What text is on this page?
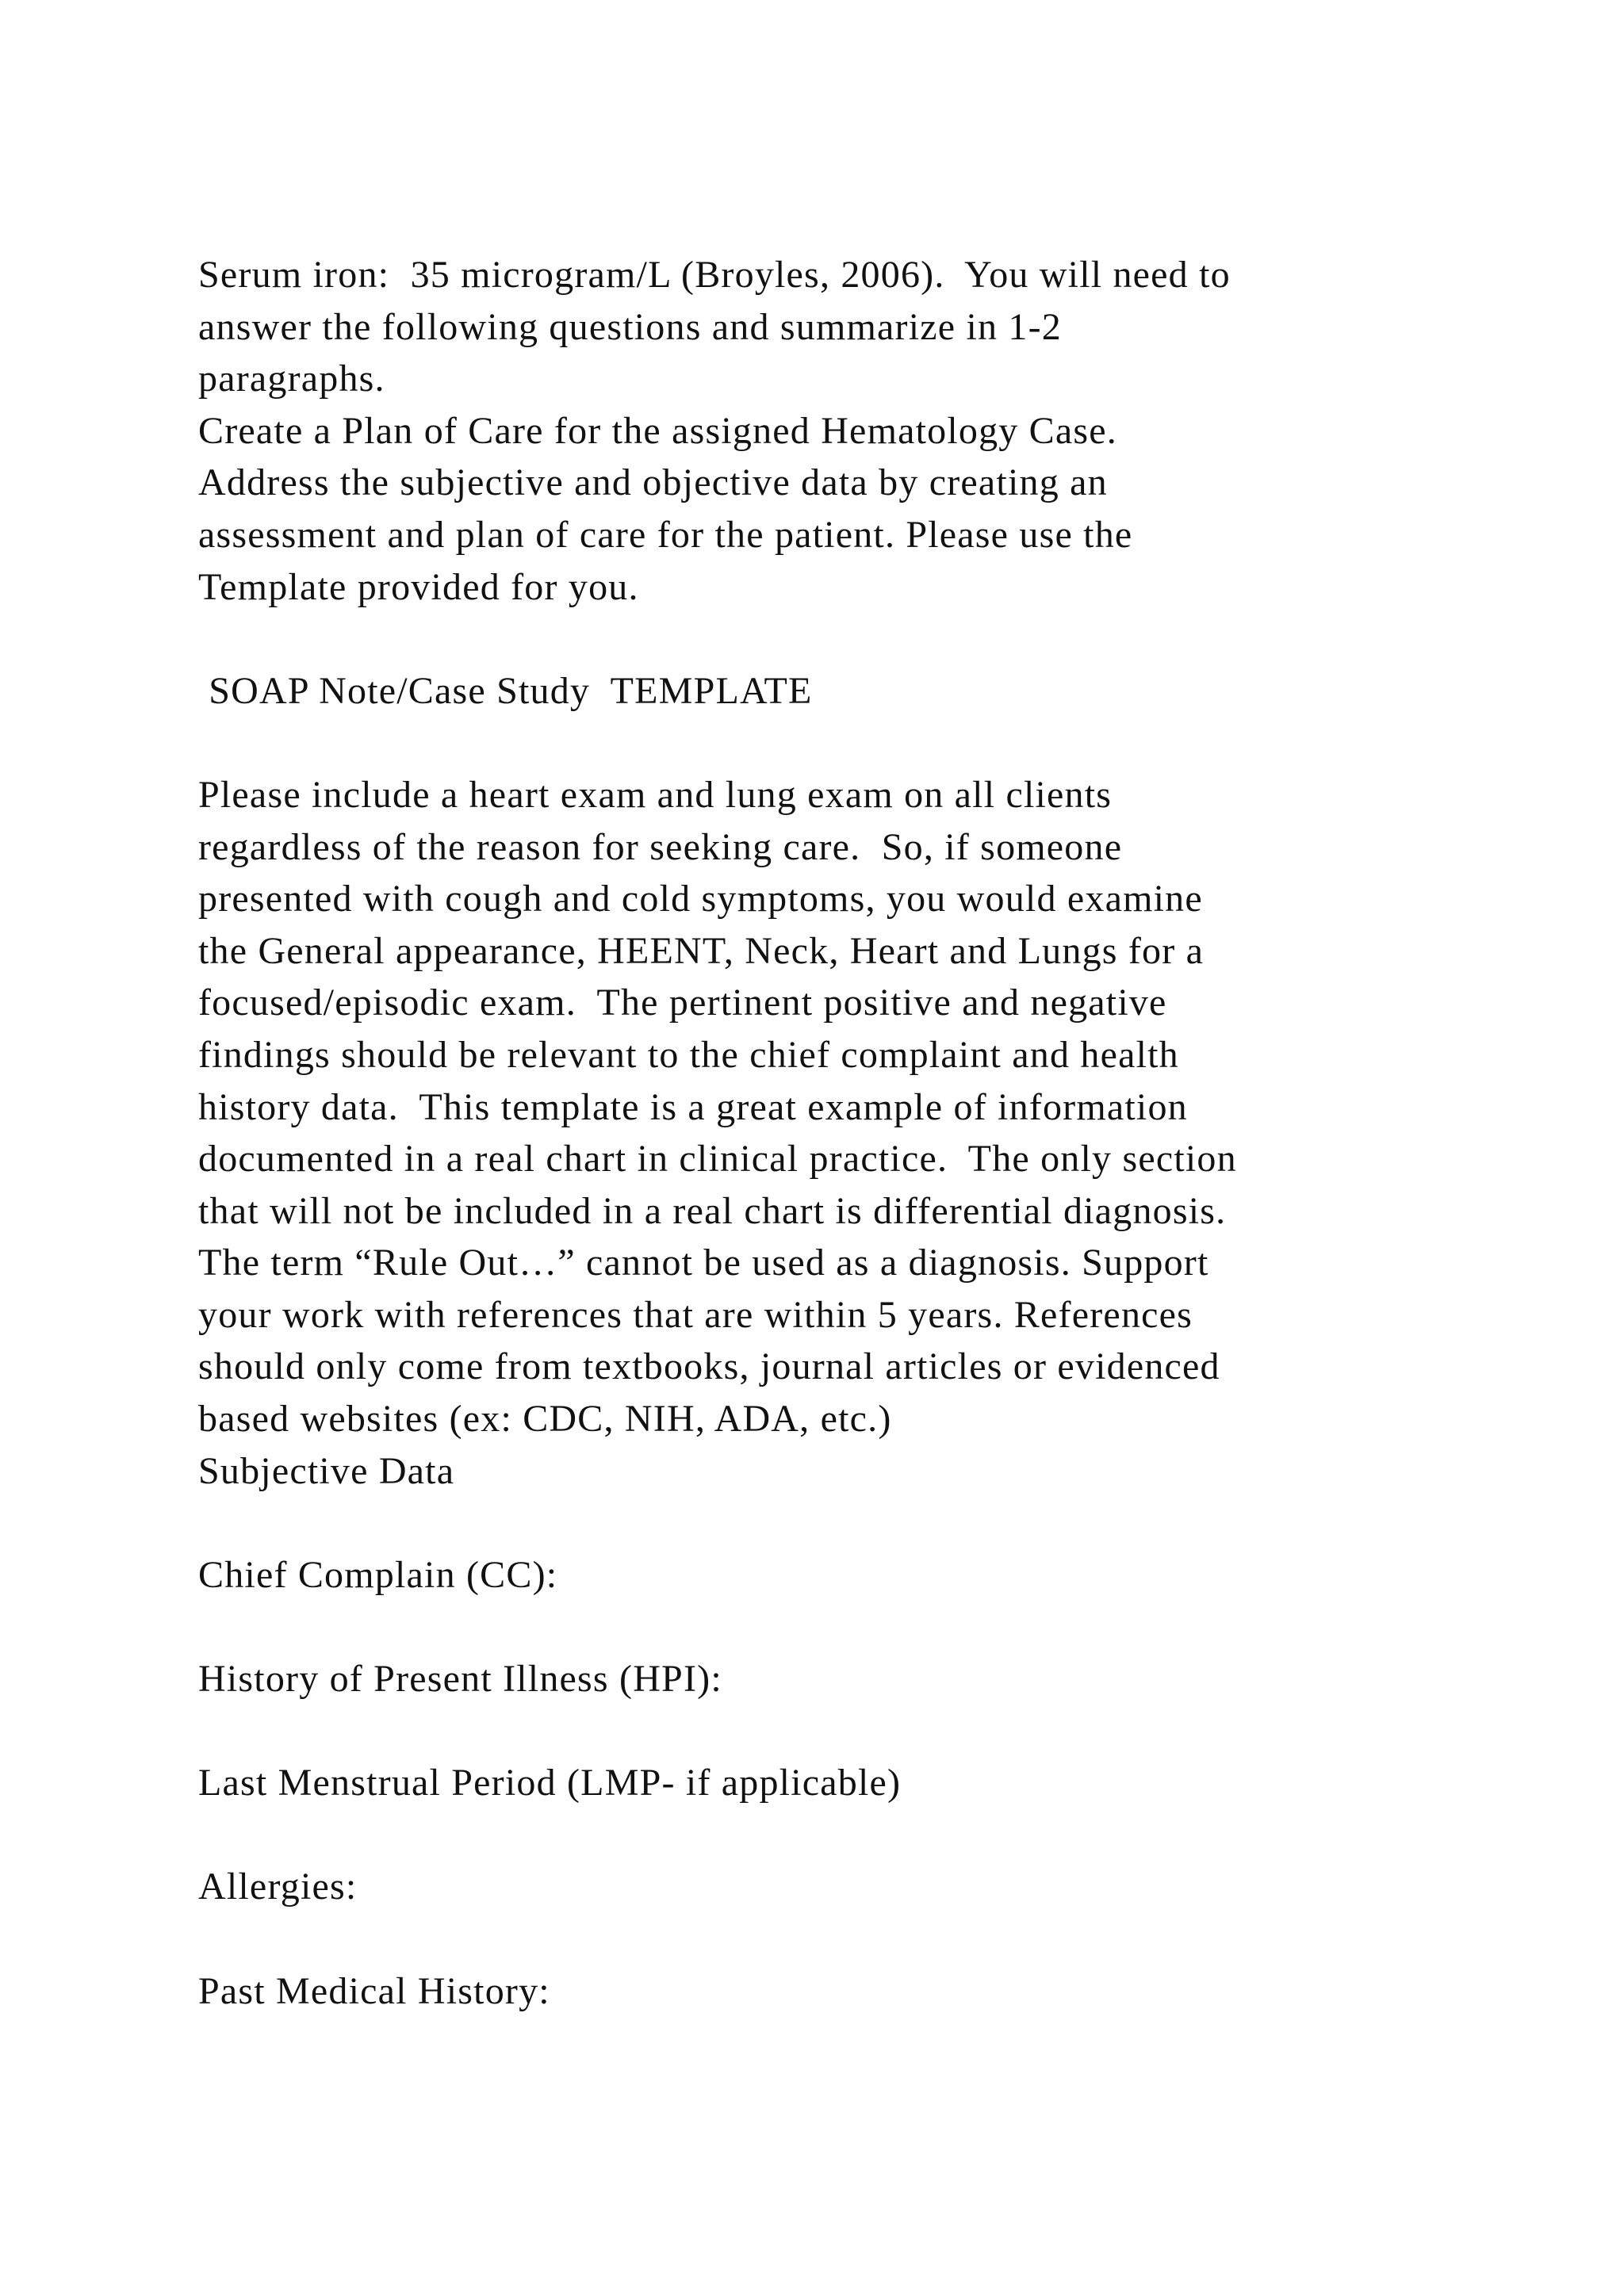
Serum iron:  35 microgram/L (Broyles, 2006).  You will need to
answer the following questions and summarize in 1-2
paragraphs.
Create a Plan of Care for the assigned Hematology Case.
Address the subjective and objective data by creating an
assessment and plan of care for the patient. Please use the
Template provided for you.
SOAP Note/Case Study  TEMPLATE
Please include a heart exam and lung exam on all clients
regardless of the reason for seeking care.  So, if someone
presented with cough and cold symptoms, you would examine
the General appearance, HEENT, Neck, Heart and Lungs for a
focused/episodic exam.  The pertinent positive and negative
findings should be relevant to the chief complaint and health
history data.  This template is a great example of information
documented in a real chart in clinical practice.  The only section
that will not be included in a real chart is differential diagnosis.
The term “Rule Out…” cannot be used as a diagnosis. Support
your work with references that are within 5 years. References
should only come from textbooks, journal articles or evidenced
based websites (ex: CDC, NIH, ADA, etc.)
Subjective Data
Chief Complain (CC):
History of Present Illness (HPI):
Last Menstrual Period (LMP- if applicable)
Allergies:
Past Medical History:
